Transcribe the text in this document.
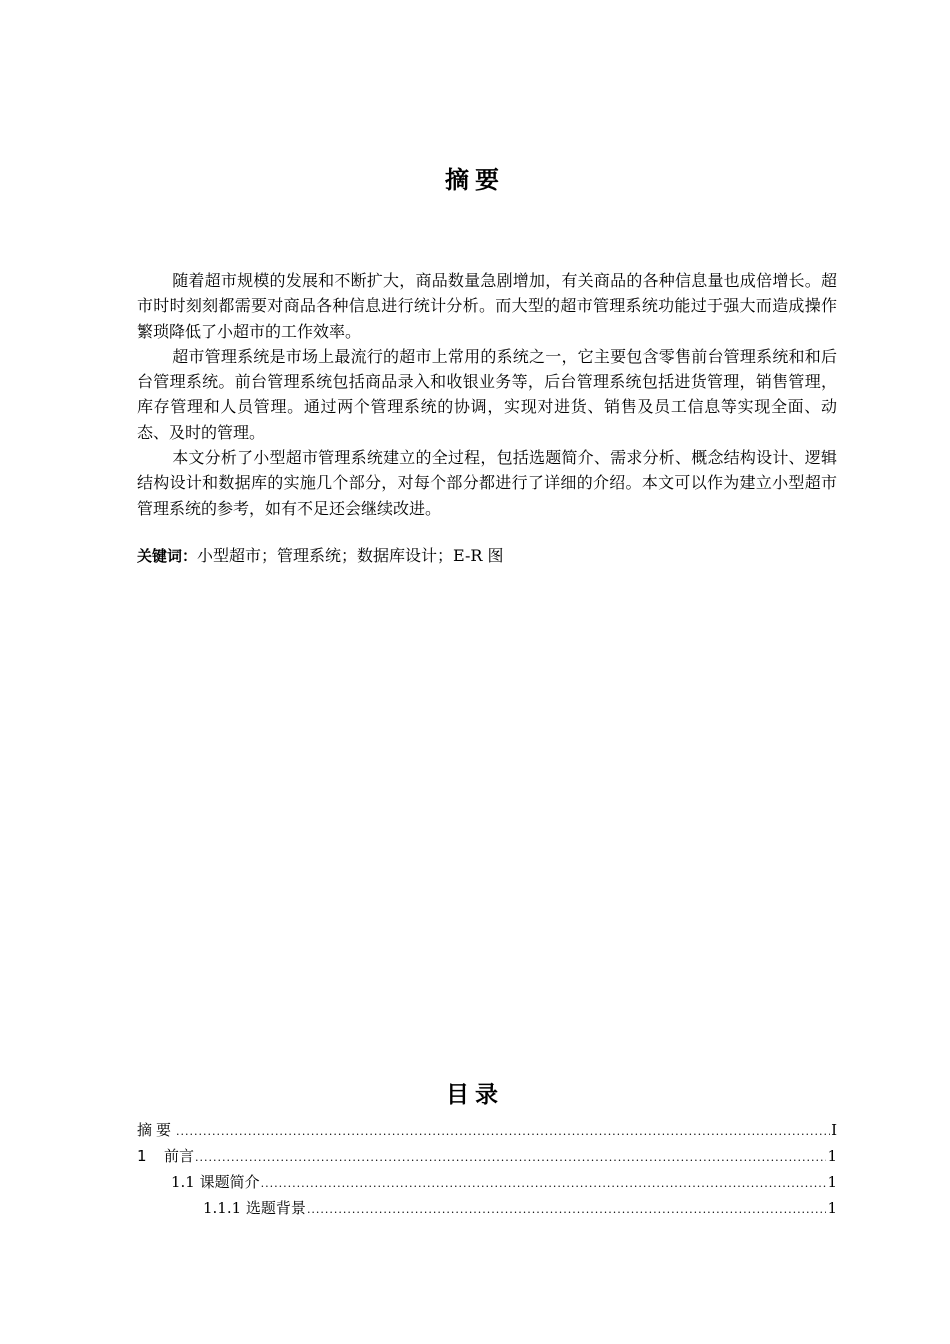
摘要

随着超市规模的发展和不断扩大，商品数量急剧增加，有关商品的各种信息量也成倍增长。超市时时刻刻都需要对商品各种信息进行统计分析。而大型的超市管理系统功能过于强大而造成操作繁琐降低了小超市的工作效率。

超市管理系统是市场上最流行的超市上常用的系统之一，它主要包含零售前台管理系统和和后台管理系统。前台管理系统包括商品录入和收银业务等，后台管理系统包括进货管理，销售管理，库存管理和人员管理。通过两个管理系统的协调，实现对进货、销售及员工信息等实现全面、动态、及时的管理。

本文分析了小型超市管理系统建立的全过程，包括选题简介、需求分析、概念结构设计、逻辑结构设计和数据库的实施几个部分，对每个部分都进行了详细的介绍。本文可以作为建立小型超市管理系统的参考，如有不足还会继续改进。

关键词：小型超市；管理系统；数据库设计；E-R 图
目录
摘要 .....	I
1 前言 .....	1
1.1 课题简介 .....	1
1.1.1 选题背景 .....	1
